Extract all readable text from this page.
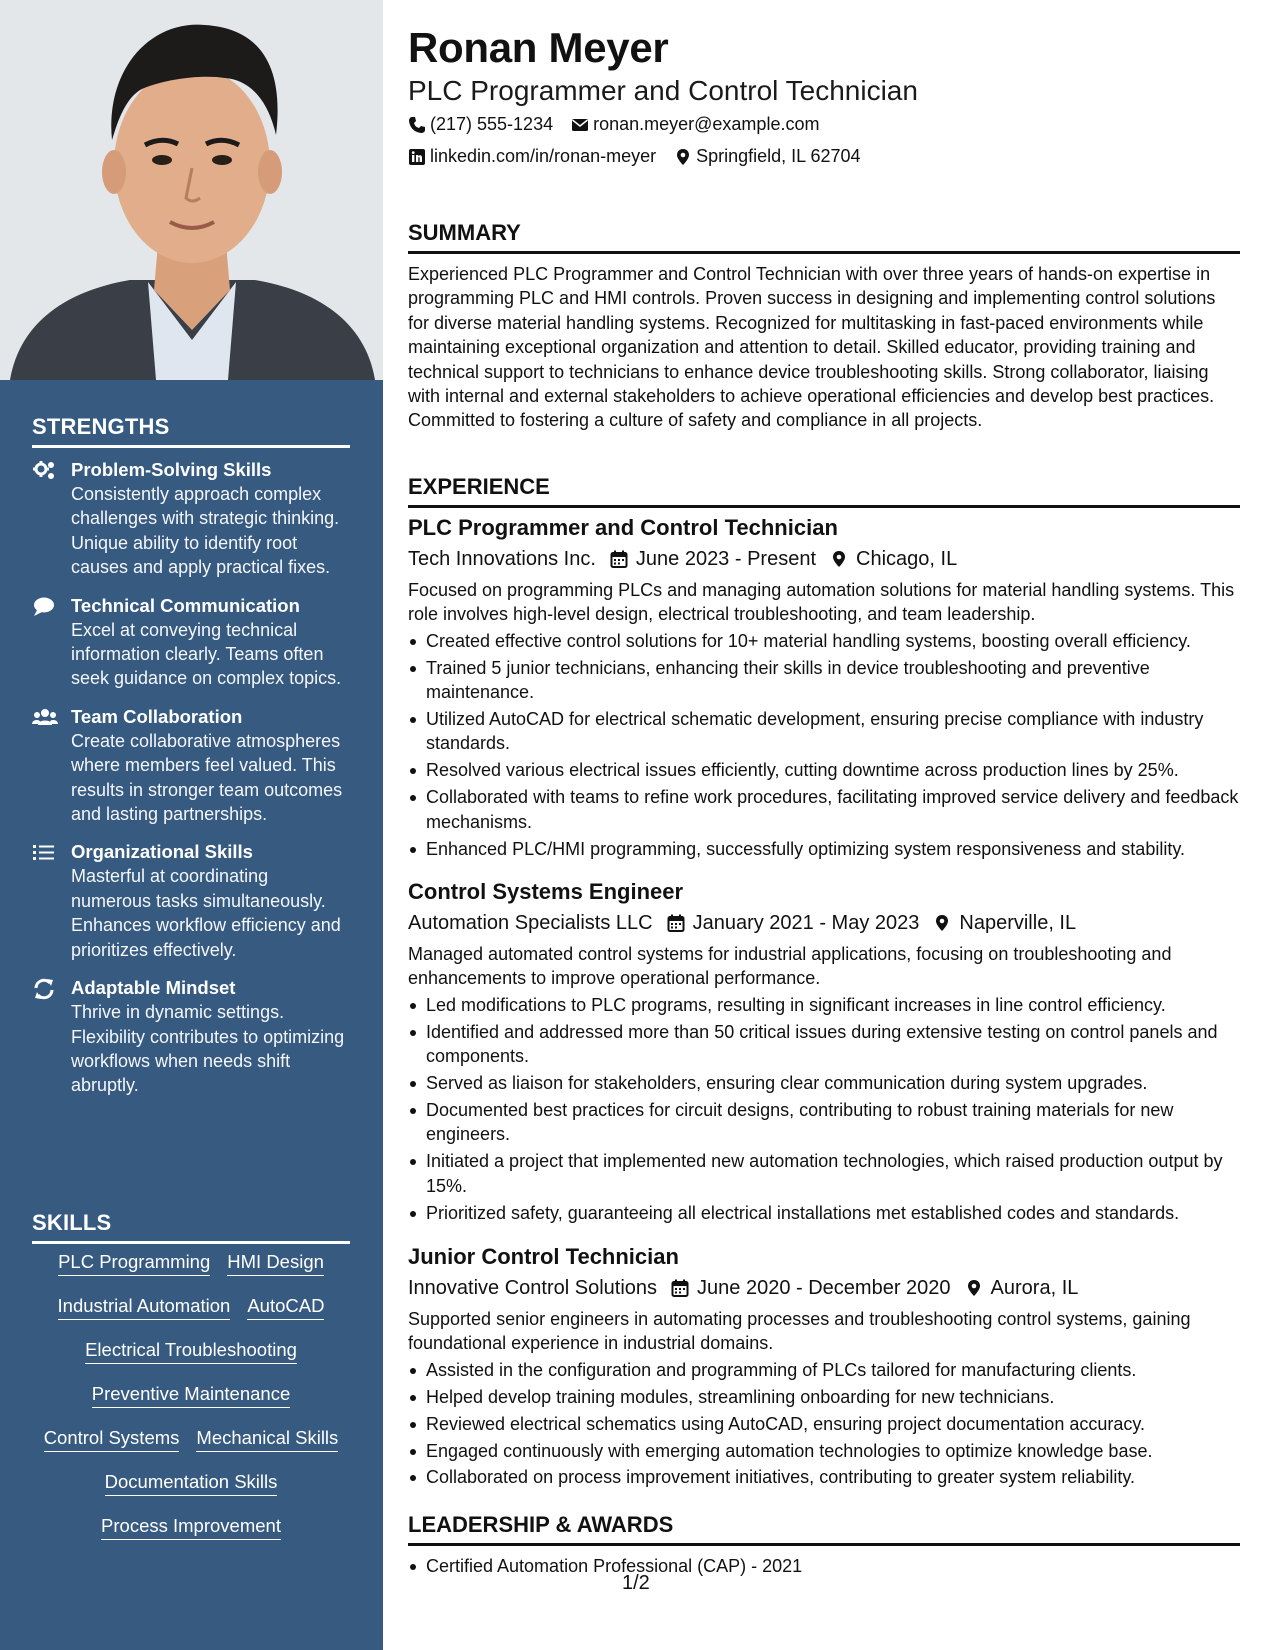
STRENGTHS
Problem-Solving Skills
Consistently approach complex challenges with strategic thinking. Unique ability to identify root causes and apply practical fixes.
Technical Communication
Excel at conveying technical information clearly. Teams often seek guidance on complex topics.
Team Collaboration
Create collaborative atmospheres where members feel valued. This results in stronger team outcomes and lasting partnerships.
Organizational Skills
Masterful at coordinating numerous tasks simultaneously. Enhances workflow efficiency and prioritizes effectively.
Adaptable Mindset
Thrive in dynamic settings. Flexibility contributes to optimizing workflows when needs shift abruptly.
SKILLS
PLC Programming HMI Design
Industrial Automation AutoCAD
Electrical Troubleshooting
Preventive Maintenance
Control Systems Mechanical Skills
Documentation Skills
Process Improvement
Ronan Meyer
PLC Programmer and Control Technician
(217) 555-1234 ronan.meyer@example.com
linkedin.com/in/ronan-meyer Springfield, IL 62704
SUMMARY
Experienced PLC Programmer and Control Technician with over three years of hands-on expertise in programming PLC and HMI controls. Proven success in designing and implementing control solutions for diverse material handling systems. Recognized for multitasking in fast-paced environments while maintaining exceptional organization and attention to detail. Skilled educator, providing training and technical support to technicians to enhance device troubleshooting skills. Strong collaborator, liaising with internal and external stakeholders to achieve operational efficiencies and develop best practices. Committed to fostering a culture of safety and compliance in all projects.
EXPERIENCE
PLC Programmer and Control Technician
Tech Innovations Inc. June 2023 - Present Chicago, IL
Focused on programming PLCs and managing automation solutions for material handling systems. This role involves high-level design, electrical troubleshooting, and team leadership.
Created effective control solutions for 10+ material handling systems, boosting overall efficiency.
Trained 5 junior technicians, enhancing their skills in device troubleshooting and preventive maintenance.
Utilized AutoCAD for electrical schematic development, ensuring precise compliance with industry standards.
Resolved various electrical issues efficiently, cutting downtime across production lines by 25%.
Collaborated with teams to refine work procedures, facilitating improved service delivery and feedback mechanisms.
Enhanced PLC/HMI programming, successfully optimizing system responsiveness and stability.
Control Systems Engineer
Automation Specialists LLC January 2021 - May 2023 Naperville, IL
Managed automated control systems for industrial applications, focusing on troubleshooting and enhancements to improve operational performance.
Led modifications to PLC programs, resulting in significant increases in line control efficiency.
Identified and addressed more than 50 critical issues during extensive testing on control panels and components.
Served as liaison for stakeholders, ensuring clear communication during system upgrades.
Documented best practices for circuit designs, contributing to robust training materials for new engineers.
Initiated a project that implemented new automation technologies, which raised production output by 15%.
Prioritized safety, guaranteeing all electrical installations met established codes and standards.
Junior Control Technician
Innovative Control Solutions June 2020 - December 2020 Aurora, IL
Supported senior engineers in automating processes and troubleshooting control systems, gaining foundational experience in industrial domains.
Assisted in the configuration and programming of PLCs tailored for manufacturing clients.
Helped develop training modules, streamlining onboarding for new technicians.
Reviewed electrical schematics using AutoCAD, ensuring project documentation accuracy.
Engaged continuously with emerging automation technologies to optimize knowledge base.
Collaborated on process improvement initiatives, contributing to greater system reliability.
LEADERSHIP & AWARDS
Certified Automation Professional (CAP) - 2021
1/2
